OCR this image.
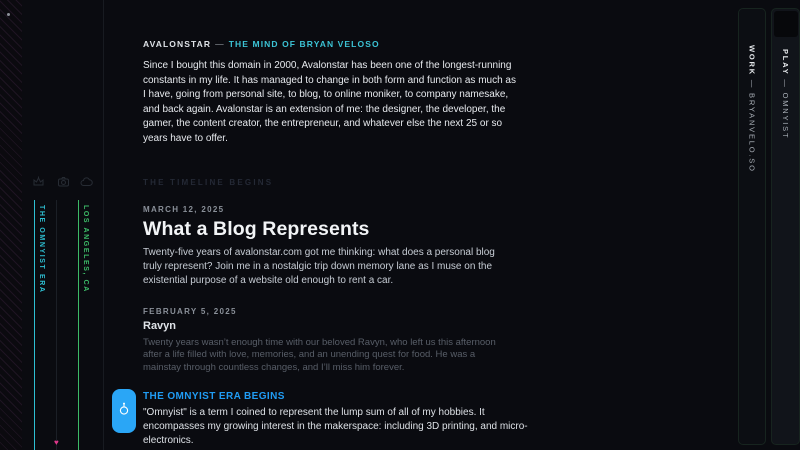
THE OMNYIST ERA	LOS ANGELES, CA
♥
AVALONSTAR — THE MIND OF BRYAN VELOSO

Since I bought this domain in 2000, Avalonstar has been one of the longest-running constants in my life. It has managed to change in both form and function as much as I have, going from personal site, to blog, to online moniker, to company namesake, and back again. Avalonstar is an extension of me: the designer, the developer, the gamer, the content creator, the entrepreneur, and whatever else the next 25 or so years have to offer.

THE TIMELINE BEGINS
MARCH 12, 2025
What a Blog Represents

Twenty-five years of avalonstar.com got me thinking: what does a personal blog truly represent? Join me in a nostalgic trip down memory lane as I muse on the existential purpose of a website old enough to rent a car.

FEBRUARY 5, 2025
Ravyn

Twenty years wasn’t enough time with our beloved Ravyn, who left us this afternoon after a life filled with love, memories, and an unending quest for food. He was a mainstay through countless changes, and I’ll miss him forever.

THE OMNYIST ERA BEGINS

"Omnyist" is a term I coined to represent the lump sum of all of my hobbies. It encompasses my growing interest in the makerspace: including 3D printing, and micro-electronics.

WORK — BRYANVELO.SO
PLAY — OMNYIST
